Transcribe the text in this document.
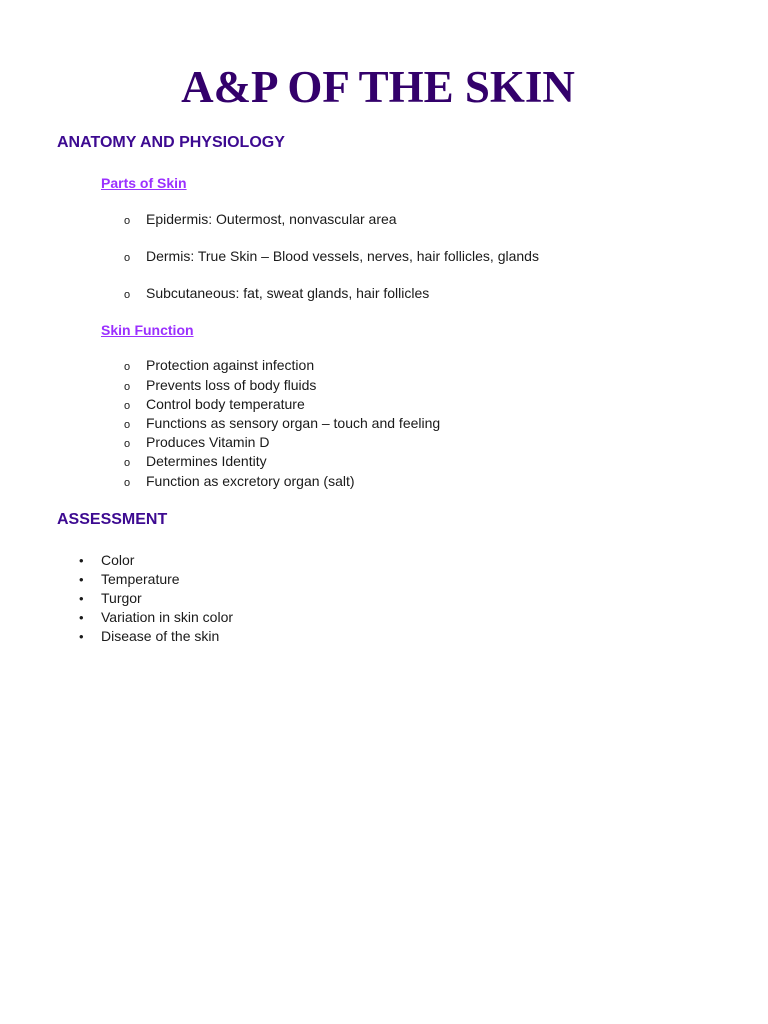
A&P OF THE SKIN
ANATOMY AND PHYSIOLOGY
Parts of Skin
o Epidermis: Outermost, nonvascular area
o Dermis: True Skin – Blood vessels, nerves, hair follicles, glands
o Subcutaneous: fat, sweat glands, hair follicles
Skin Function
o Protection against infection
o Prevents loss of body fluids
o Control body temperature
o Functions as sensory organ – touch and feeling
o Produces Vitamin D
o Determines Identity
o Function as excretory organ (salt)
ASSESSMENT
• Color
• Temperature
• Turgor
• Variation in skin color
• Disease of the skin
